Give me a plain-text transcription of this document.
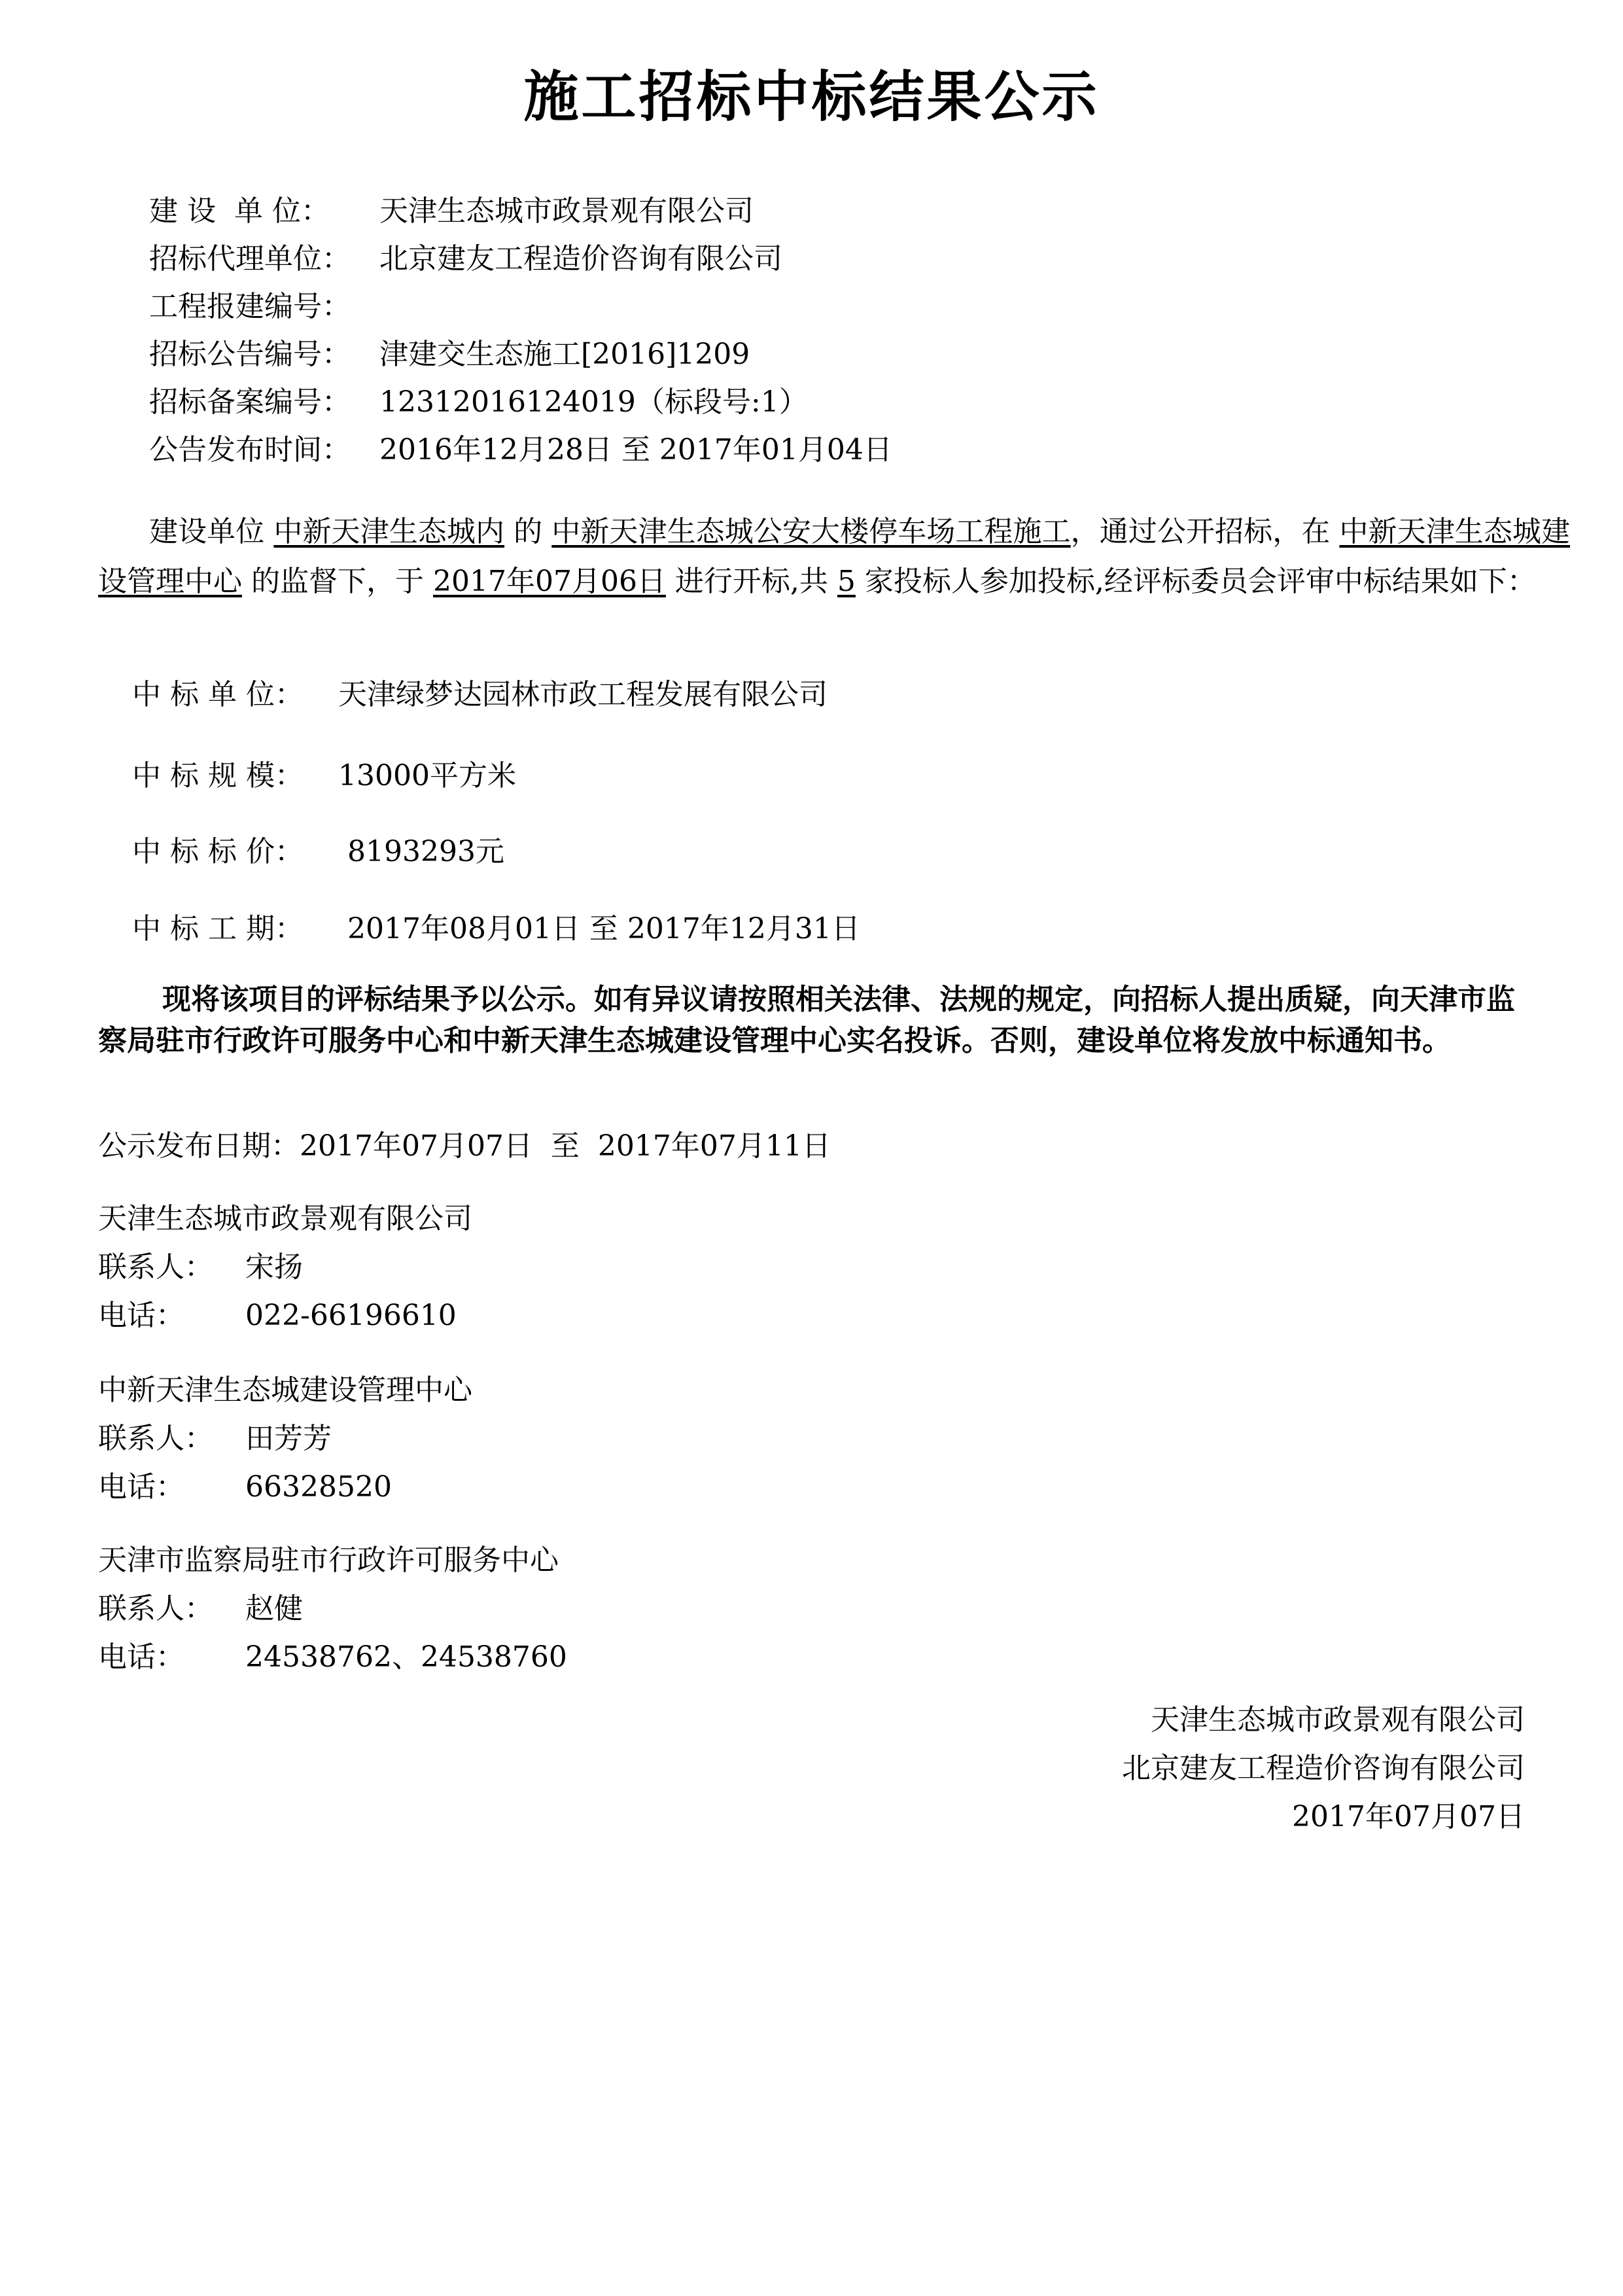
施工招标中标结果公示
建 设  单 位： 天津生态城市政景观有限公司
招标代理单位： 北京建友工程造价咨询有限公司
工程报建编号：
招标公告编号： 津建交生态施工[2016]1209
招标备案编号： 12312016124019（标段号:1）
公告发布时间： 2016年12月28日 至 2017年01月04日
建设单位 中新天津生态城内 的 中新天津生态城公安大楼停车场工程施工，通过公开招标，在 中新天津生态城建设管理中心 的监督下，于 2017年07月06日 进行开标,共 5 家投标人参加投标,经评标委员会评审中标结果如下：
中 标 单 位： 天津绿梦达园林市政工程发展有限公司
中 标 规 模： 13000平方米
中 标 标 价： 8193293元
中 标 工 期： 2017年08月01日 至 2017年12月31日
现将该项目的评标结果予以公示。如有异议请按照相关法律、法规的规定，向招标人提出质疑，向天津市监察局驻市行政许可服务中心和中新天津生态城建设管理中心实名投诉。否则，建设单位将发放中标通知书。
公示发布日期：2017年07月07日  至  2017年07月11日
天津生态城市政景观有限公司
联系人： 宋扬
电话： 022-66196610
中新天津生态城建设管理中心
联系人： 田芳芳
电话： 66328520
天津市监察局驻市行政许可服务中心
联系人： 赵健
电话： 24538762、24538760
天津生态城市政景观有限公司
北京建友工程造价咨询有限公司
2017年07月07日
